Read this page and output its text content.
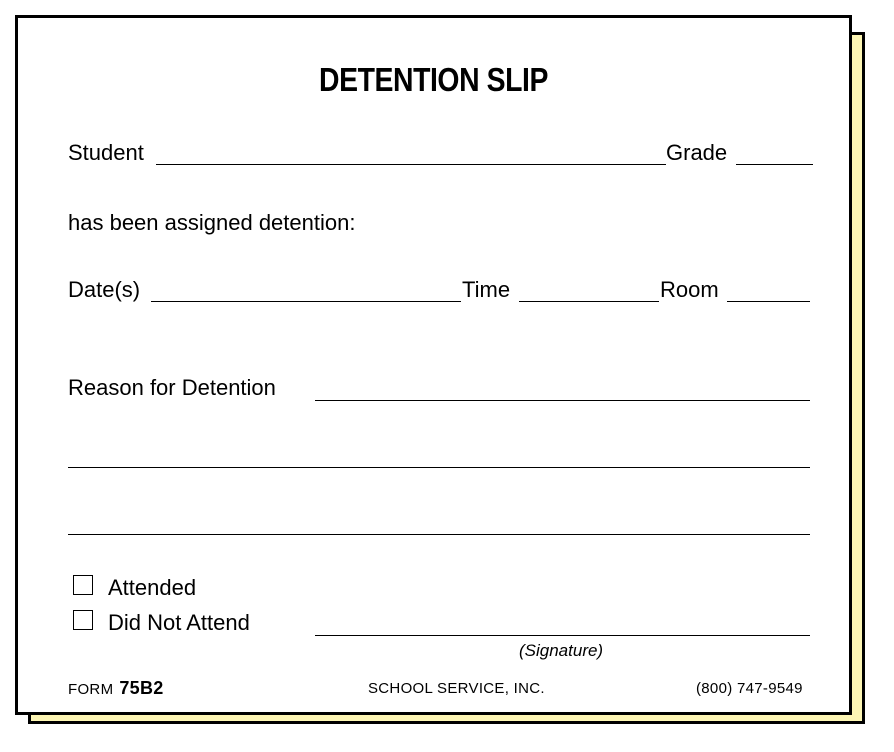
DETENTION SLIP
Student	Grade
has been assigned detention:
Date(s)	Time	Room
Reason for Detention
Attended
Did Not Attend
(Signature)
FORM 75B2	SCHOOL SERVICE, INC.	(800) 747-9549
